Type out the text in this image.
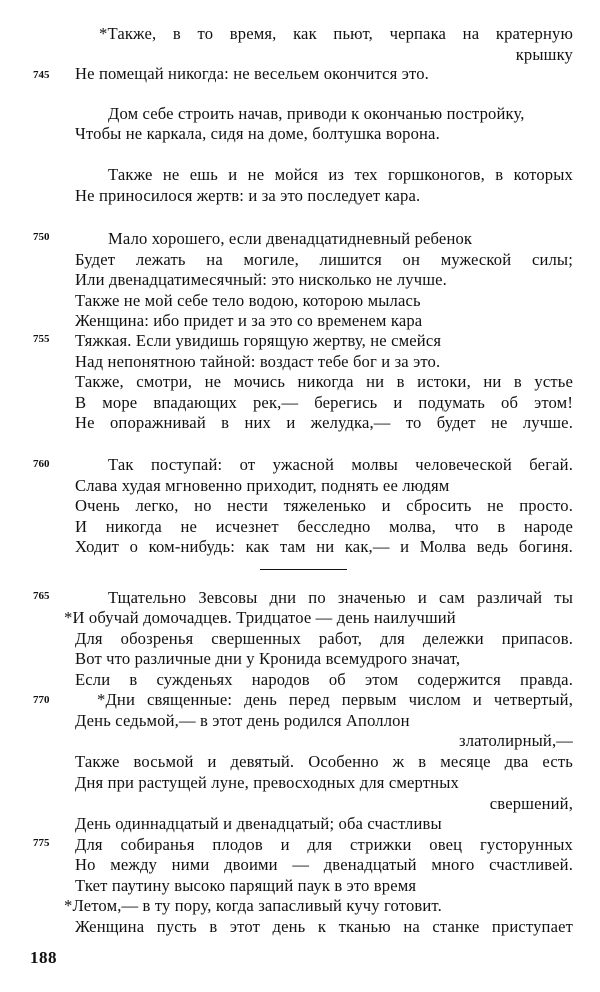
*Также, в то время, как пьют, черпака на кратерную
крышку
745 Не помещай никогда: не весельем окончится это.
Дом себе строить начав, приводи к окончанью постройку,
Чтобы не каркала, сидя на доме, болтушка ворона.
Также не ешь и не мойся из тех горшконогов, в которых
Не приносилося жертв: и за это последует кара.
750	Мало хорошего, если двенадцатидневный ребенок
Будет лежать на могиле, лишится он мужеской силы;
Или двенадцатимесячный: это нисколько не лучше.
Также не мой себе тело водою, которою мылась
Женщина: ибо придет и за это со временем кара
755 Тяжкая. Если увидишь горящую жертву, не смейся
Над непонятною тайной: воздаст тебе бог и за это.
Также, смотри, не мочись никогда ни в истоки, ни в устье
В море впадающих рек,— берегись и подумать об этом!
Не опоражнивай в них и желудка,— то будет не лучше.
760	Так поступай: от ужасной молвы человеческой бегай.
Слава худая мгновенно приходит, поднять ее людям
Очень легко, но нести тяжеленько и сбросить не просто.
И никогда не исчезнет бесследно молва, что в народе
Ходит о ком-нибудь: как там ни как,— и Молва ведь богиня.
765	Тщательно Зевсовы дни по значенью и сам различай ты
*И обучай домочадцев. Тридцатое — день наилучший
Для обозренья свершенных работ, для дележки припасов.
Вот что различные дни у Кронида всемудрого значат,
Если в сужденьях народов об этом содержится правда.
770	*Дни священные: день перед первым числом и четвертый,
День седьмой,— в этот день родился Аполлон
златолирный,—
Также восьмой и девятый. Особенно ж в месяце два есть
Дня при растущей луне, превосходных для смертных
свершений,
День одиннадцатый и двенадцатый; оба счастливы
775 Для собиранья плодов и для стрижки овец густорунных
Но между ними двоими — двенадцатый много счастливей.
Ткет паутину высоко парящий паук в это время
*Летом,— в ту пору, когда запасливый кучу готовит.
Женщина пусть в этот день к тканью на станке приступает
188
